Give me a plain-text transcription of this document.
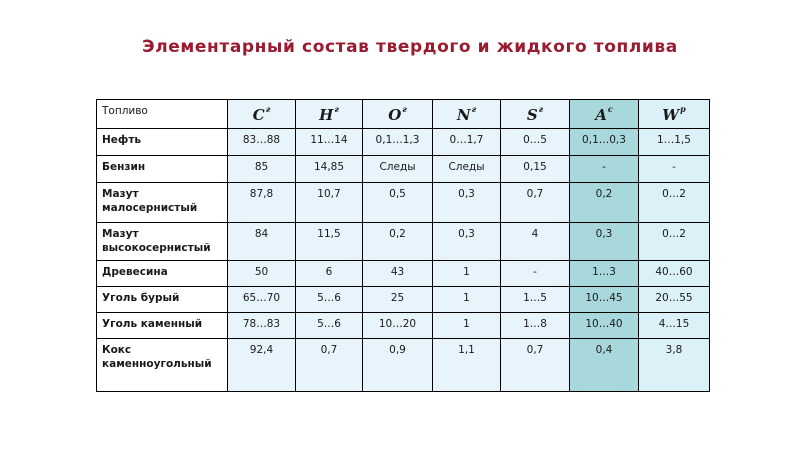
Элементарный состав твердого и жидкого топлива
Топливо	$C^г$	$H^г$	$O^г$	$N^г$	$S^г$	$A^с$	$W^р$
Нефть	83…88	11…14	0,1…1,3	0…1,7	0…5	0,1…0,3	1…1,5
Бензин	85	14,85	Следы	Следы	0,15	-	-
Мазут малосернистый	87,8	10,7	0,5	0,3	0,7	0,2	0…2
Мазут высокосернистый	84	11,5	0,2	0,3	4	0,3	0…2
Древесина	50	6	43	1	-	1…3	40…60
Уголь бурый	65…70	5…6	25	1	1…5	10…45	20…55
Уголь каменный	78…83	5…6	10…20	1	1…8	10…40	4…15
Кокс каменноугольный	92,4	0,7	0,9	1,1	0,7	0,4	3,8
